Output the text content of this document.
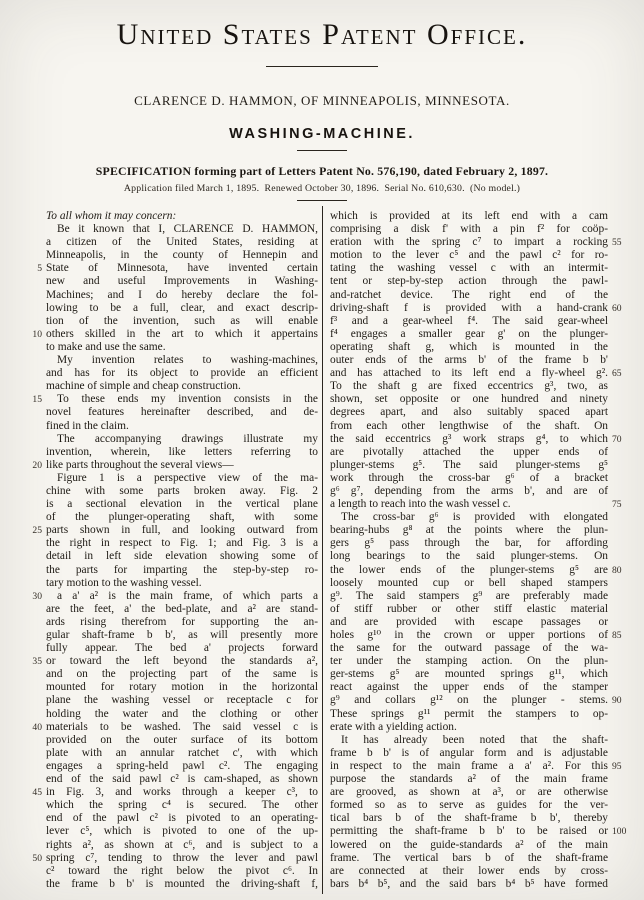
United States Patent Office.
CLARENCE D. HAMMON, OF MINNEAPOLIS, MINNESOTA.
WASHING-MACHINE.
SPECIFICATION forming part of Letters Patent No. 576,190, dated February 2, 1897.
Application filed March 1, 1895.  Renewed October 30, 1896.  Serial No. 610,630.  (No model.)
To all whom it may concern:
Be it known that I, CLARENCE D. HAMMON,
a citizen of the United States, residing at
Minneapolis, in the county of Hennepin and
5 State of Minnesota, have invented certain
new and useful Improvements in Washing-
Machines; and I do hereby declare the fol-
lowing to be a full, clear, and exact descrip-
tion of the invention, such as will enable
10 others skilled in the art to which it appertains
to make and use the same.
My invention relates to washing-machines,
and has for its object to provide an efficient
machine of simple and cheap construction.
15	To these ends my invention consists in the
novel features hereinafter described, and de-
fined in the claim.
The accompanying drawings illustrate my
invention, wherein, like letters referring to
20 like parts throughout the several views—
Figure 1 is a perspective view of the ma-
chine with some parts broken away. Fig. 2
is a sectional elevation in the vertical plane
of the plunger-operating shaft, with some
25 parts shown in full, and looking outward from
the right in respect to Fig. 1; and Fig. 3 is a
detail in left side elevation showing some of
the parts for imparting the step-by-step ro-
tary motion to the washing vessel.
30	a a' a² is the main frame, of which parts a
are the feet, a' the bed-plate, and a² are stand-
ards rising therefrom for supporting the an-
gular shaft-frame b b', as will presently more
fully appear. The bed a' projects forward
35 or toward the left beyond the standards a²,
and on the projecting part of the same is
mounted for rotary motion in the horizontal
plane the washing vessel or receptacle c for
holding the water and the clothing or other
40 materials to be washed. The said vessel c is
provided on the outer surface of its bottom
plate with an annular ratchet c', with which
engages a spring-held pawl c². The engaging
end of the said pawl c² is cam-shaped, as shown
45 in Fig. 3, and works through a keeper c³, to
which the spring c⁴ is secured. The other
end of the pawl c² is pivoted to an operating-
lever c⁵, which is pivoted to one of the up-
rights a², as shown at c⁶, and is subject to a
50 spring c⁷, tending to throw the lever and pawl
c² toward the right below the pivot c⁶. In
the frame b b' is mounted the driving-shaft f,
which is provided at its left end with a cam
comprising a disk f' with a pin f² for coöp-
55
eration with the spring c⁷ to impart a rocking
motion to the lever c⁵ and the pawl c² for ro-
tating the washing vessel c with an intermit-
tent or step-by-step action through the pawl-
and-ratchet device. The right end of the
60
driving-shaft f is provided with a hand-crank
f³ and a gear-wheel f⁴. The said gear-wheel
f⁴ engages a smaller gear g' on the plunger-
operating shaft g, which is mounted in the
outer ends of the arms b' of the frame b b'
65
and has attached to its left end a fly-wheel g².
To the shaft g are fixed eccentrics g³, two, as
shown, set opposite or one hundred and ninety
degrees apart, and also suitably spaced apart
from each other lengthwise of the shaft. On
70
the said eccentrics g³ work straps g⁴, to which
are pivotally attached the upper ends of
plunger-stems g⁵. The said plunger-stems g⁵
work through the cross-bar g⁶ of a bracket
g⁶ g⁷, depending from the arms b', and are of
75
a length to reach into the wash vessel c.
The cross-bar g⁶ is provided with elongated
bearing-hubs g⁸ at the points where the plun-
gers g⁵ pass through the bar, for affording
long bearings to the said plunger-stems. On
80
the lower ends of the plunger-stems g⁵ are
loosely mounted cup or bell shaped stampers
g⁹. The said stampers g⁹ are preferably made
of stiff rubber or other stiff elastic material
and are provided with escape passages or
85
holes g¹⁰ in the crown or upper portions of
the same for the outward passage of the wa-
ter under the stamping action. On the plun-
ger-stems g⁵ are mounted springs g¹¹, which
react against the upper ends of the stamper
90
g⁹ and collars g¹² on the plunger - stems.
These springs g¹¹ permit the stampers to op-
erate with a yielding action.
It has already been noted that the shaft-
frame b b' is of angular form and is adjustable
95
in respect to the main frame a a' a². For this
purpose the standards a² of the main frame
are grooved, as shown at a³, or are otherwise
formed so as to serve as guides for the ver-
tical bars b of the shaft-frame b b', thereby
100
permitting the shaft-frame b b' to be raised or
lowered on the guide-standards a² of the main
frame. The vertical bars b of the shaft-frame
are connected at their lower ends by cross-
bars b⁴ b⁵, and the said bars b⁴ b⁵ have formed
